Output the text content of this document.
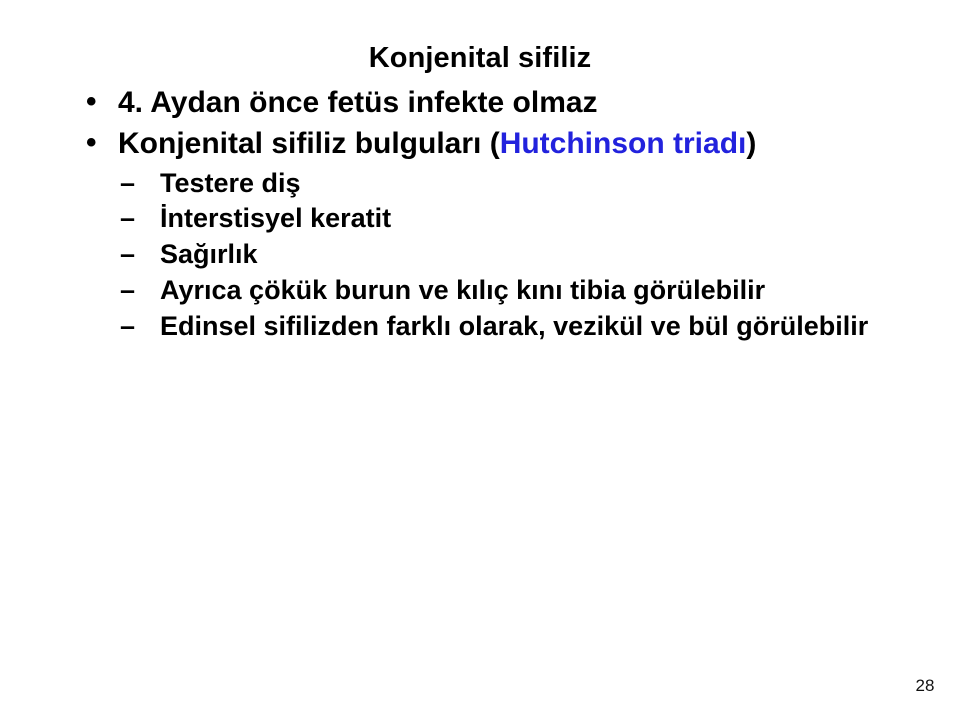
Konjenital sifiliz
• 4. Aydan önce fetüs infekte olmaz
• Konjenital sifiliz bulguları (Hutchinson triadı)
– Testere diş
– İnterstisyel keratit
– Sağırlık
– Ayrıca çökük burun ve kılıç kını tibia görülebilir
– Edinsel sifilizden farklı olarak, vezikül ve bül görülebilir
28
